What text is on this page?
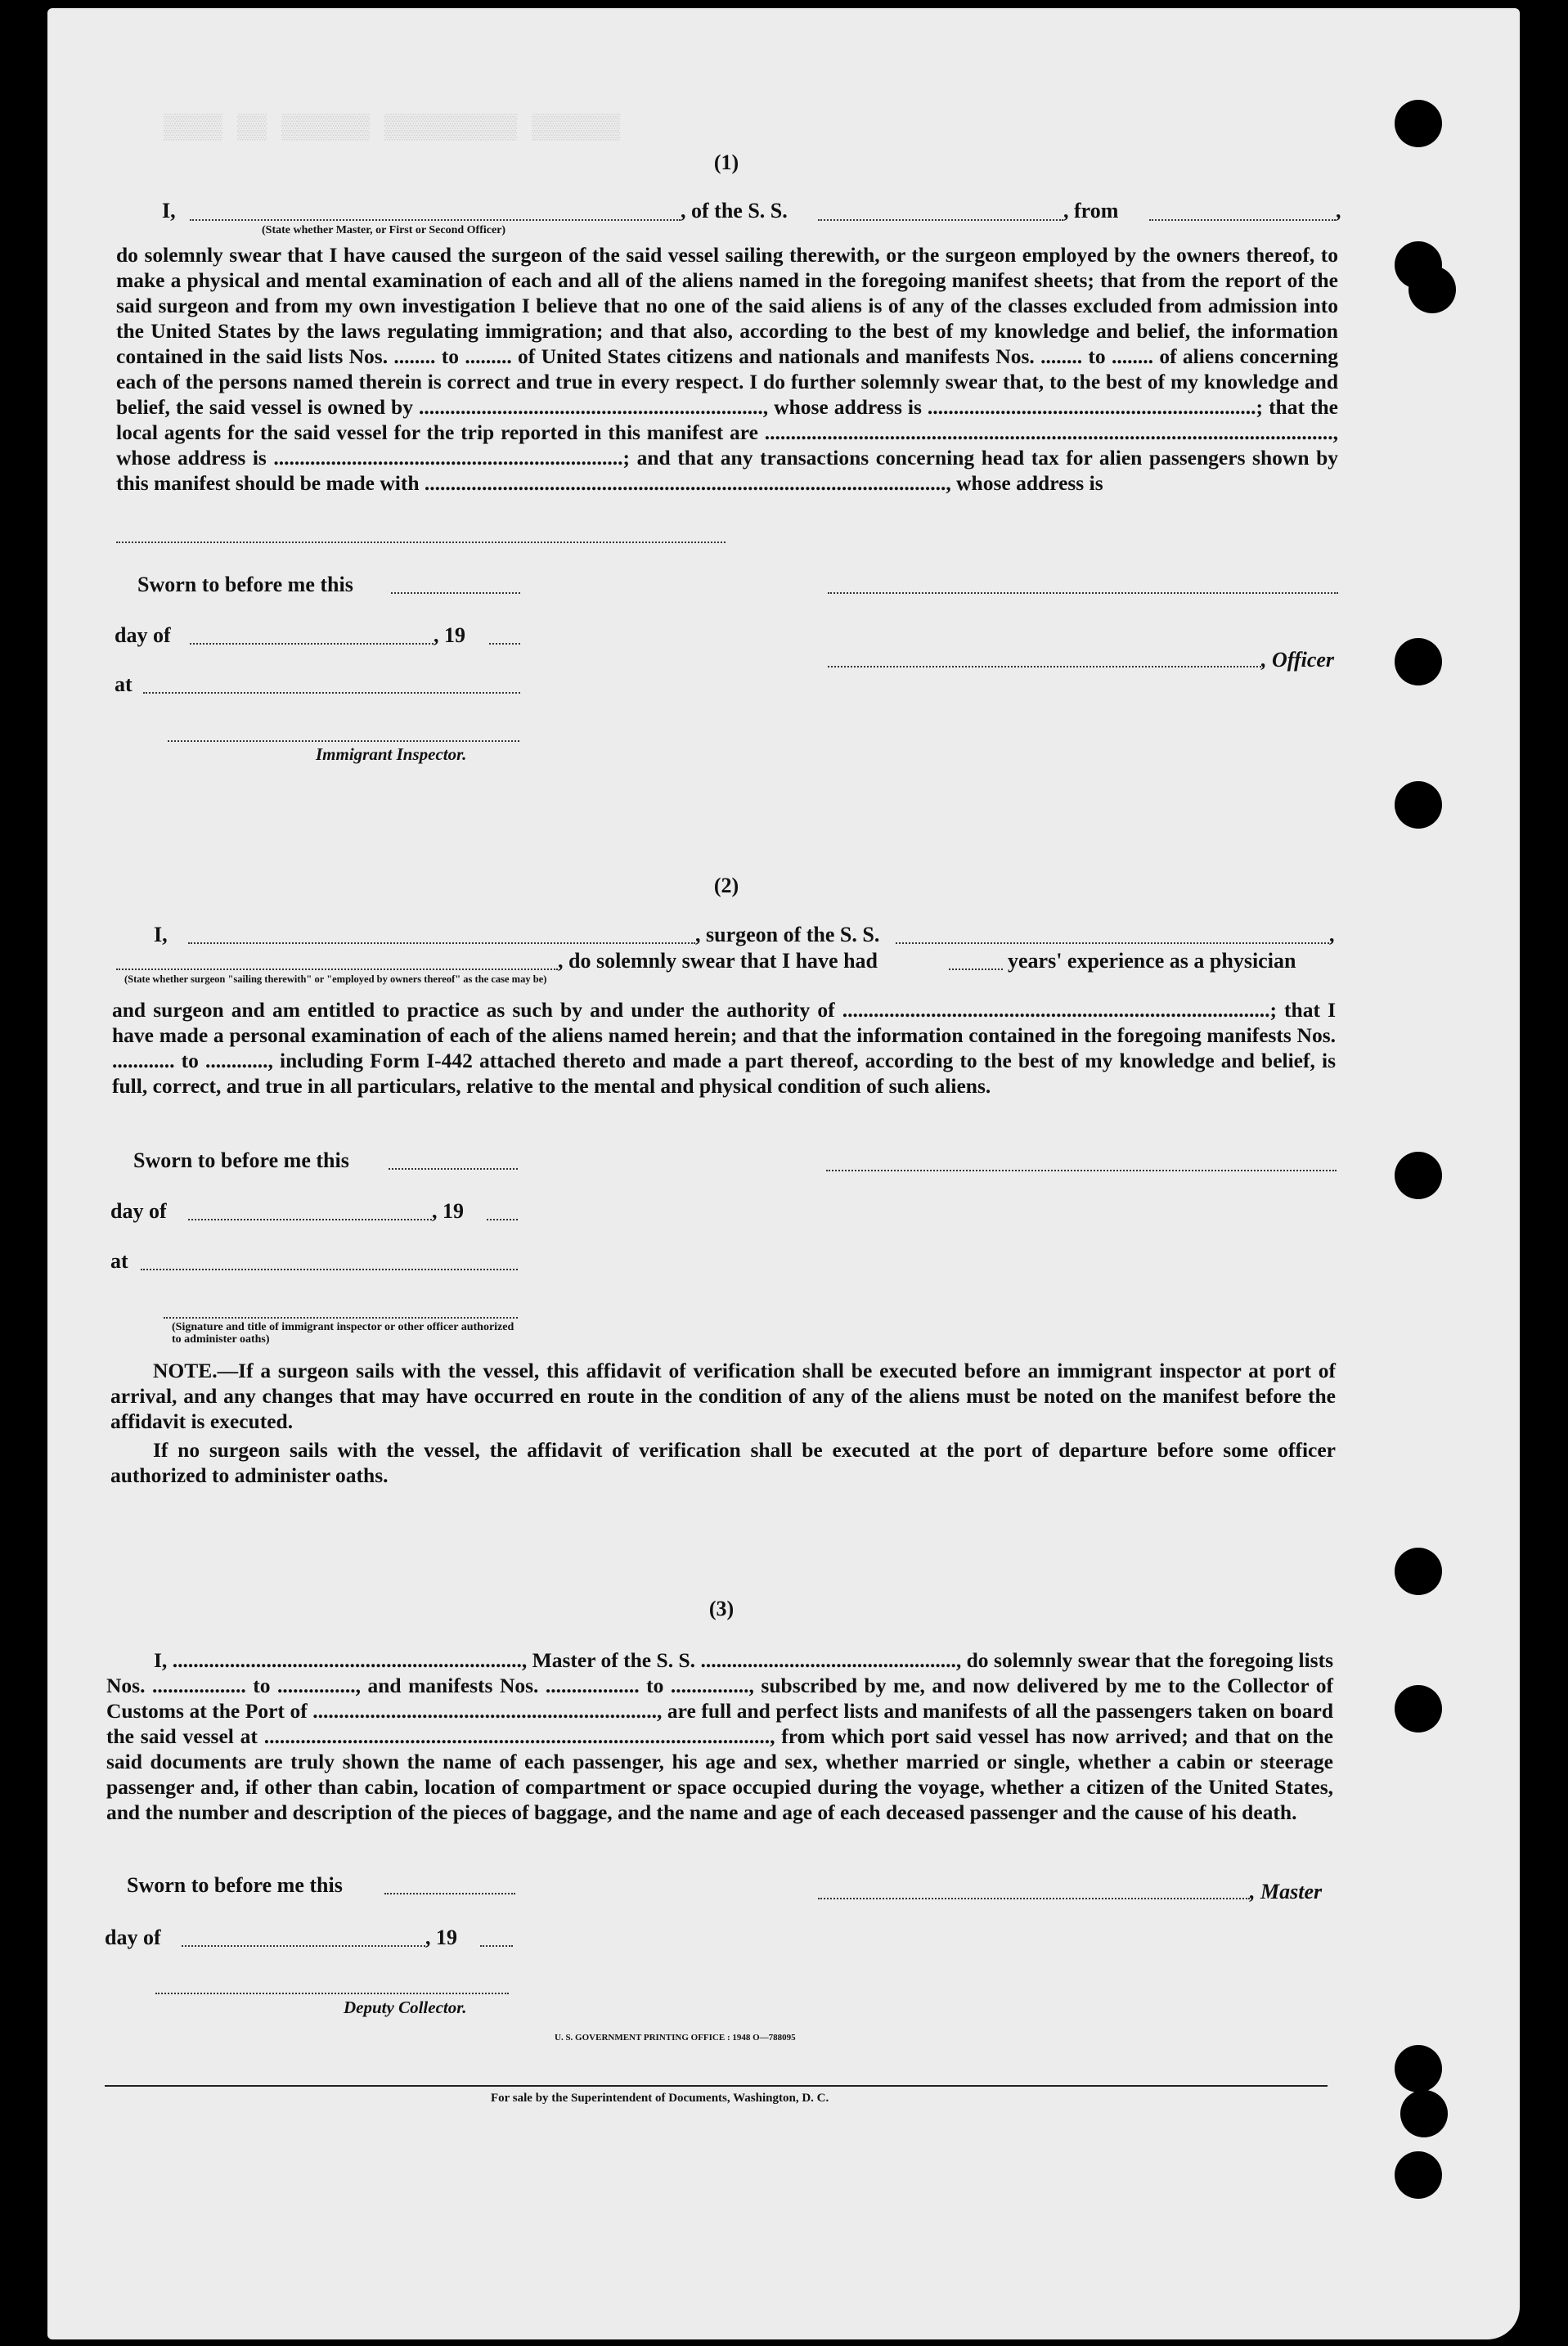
▒▒▒▒ ▒▒ ▒▒▒▒▒▒ ▒▒▒▒▒▒▒▒▒ ▒▒▒▒▒▒
(1)
I,	, of the S. S.	, from	,
(State whether Master, or First or Second Officer)
do solemnly swear that I have caused the surgeon of the said vessel sailing therewith, or the surgeon employed by the owners thereof, to make a physical and mental examination of each and all of the aliens named in the foregoing manifest sheets; that from the report of the said surgeon and from my own investigation I believe that no one of the said aliens is of any of the classes excluded from admission into the United States by the laws regulating immigration; and that also, according to the best of my knowledge and belief, the information contained in the said lists Nos. ........ to ......... of United States citizens and nationals and manifests Nos. ........ to ........ of aliens concerning each of the persons named therein is correct and true in every respect. I do further solemnly swear that, to the best of my knowledge and belief, the said vessel is owned by .................................................................., whose address is ...............................................................; that the local agents for the said vessel for the trip reported in this manifest are ............................................................................................................., whose address is ...................................................................; and that any transactions concerning head tax for alien passengers shown by this manifest should be made with ...................................................................................................., whose address is
Sworn to before me this
day of	, 19
, Officer
at
Immigrant Inspector.
(2)
I,	, surgeon of the S. S.	,
, do solemnly swear that I have had	years' experience as a physician
(State whether surgeon "sailing therewith" or "employed by owners thereof" as the case may be)
and surgeon and am entitled to practice as such by and under the authority of ..................................................................................; that I have made a personal examination of each of the aliens named herein; and that the information contained in the foregoing manifests Nos. ............ to ............, including Form I-442 attached thereto and made a part thereof, according to the best of my knowledge and belief, is full, correct, and true in all particulars, relative to the mental and physical condition of such aliens.
Sworn to before me this
day of	, 19
at
(Signature and title of immigrant inspector or other officer authorized to administer oaths)
NOTE.—If a surgeon sails with the vessel, this affidavit of verification shall be executed before an immigrant inspector at port of arrival, and any changes that may have occurred en route in the condition of any of the aliens must be noted on the manifest before the affidavit is executed.
If no surgeon sails with the vessel, the affidavit of verification shall be executed at the port of departure before some officer authorized to administer oaths.
(3)
I, ..................................................................., Master of the S. S. ................................................., do solemnly swear that the foregoing lists Nos. .................. to ..............., and manifests Nos. .................. to ..............., subscribed by me, and now delivered by me to the Collector of Customs at the Port of .................................................................., are full and perfect lists and manifests of all the passengers taken on board the said vessel at ................................................................................................., from which port said vessel has now arrived; and that on the said documents are truly shown the name of each passenger, his age and sex, whether married or single, whether a cabin or steerage passenger and, if other than cabin, location of compartment or space occupied during the voyage, whether a citizen of the United States, and the number and description of the pieces of baggage, and the name and age of each deceased passenger and the cause of his death.
Sworn to before me this	, Master
day of	, 19
Deputy Collector.
U. S. GOVERNMENT PRINTING OFFICE : 1948 O—788095
For sale by the Superintendent of Documents, Washington, D. C.
